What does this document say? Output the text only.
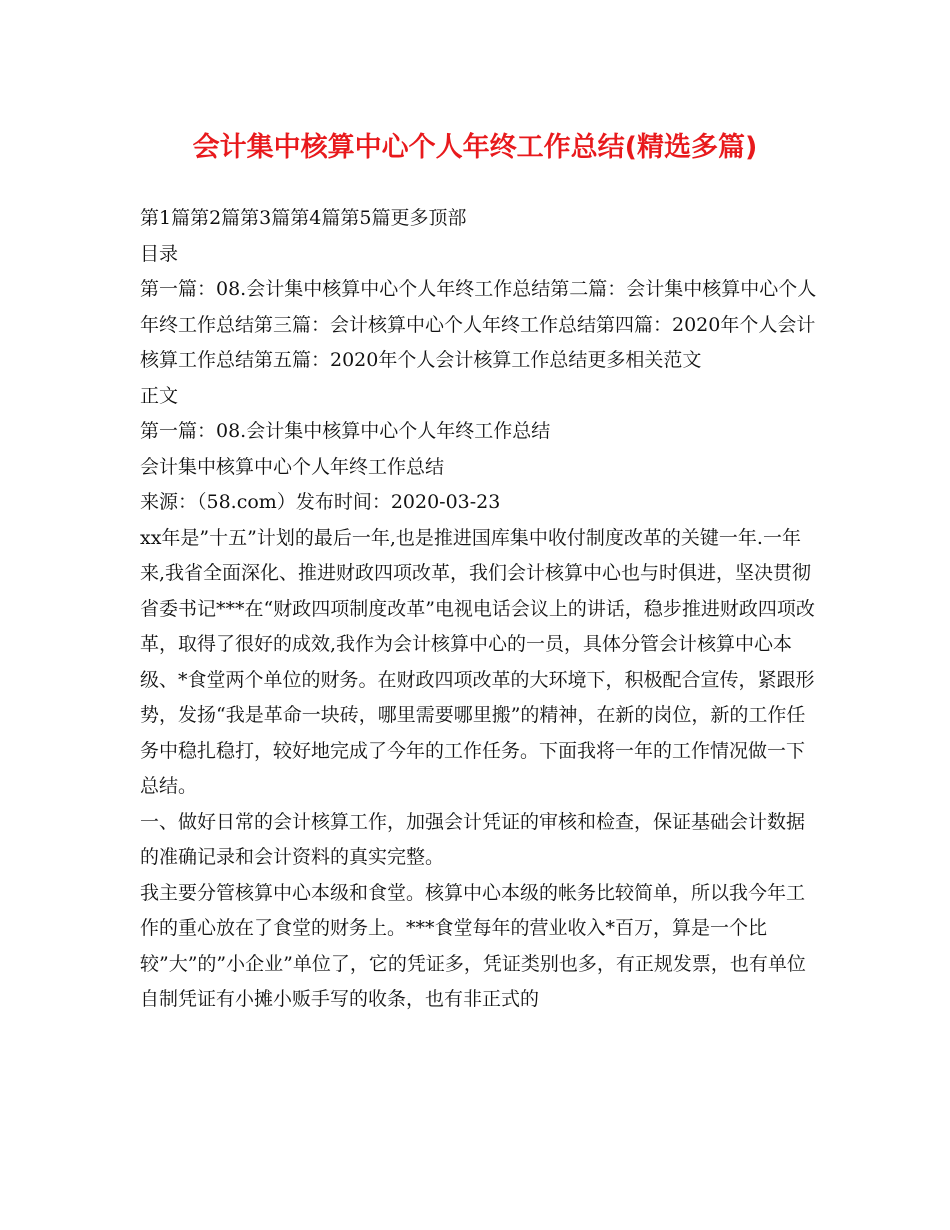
会计集中核算中心个人年终工作总结(精选多篇)

第1篇第2篇第3篇第4篇第5篇更多顶部

目录

第一篇：08.会计集中核算中心个人年终工作总结第二篇：会计集中核算中心个人年终工作总结第三篇：会计核算中心个人年终工作总结第四篇：2020年个人会计核算工作总结第五篇：2020年个人会计核算工作总结更多相关范文

正文

第一篇：08.会计集中核算中心个人年终工作总结

会计集中核算中心个人年终工作总结

来源：（58.com）发布时间：2020-03-23

xx年是”十五”计划的最后一年,也是推进国库集中收付制度改革的关键一年.一年来,我省全面深化、推进财政四项改革，我们会计核算中心也与时俱进，坚决贯彻省委书记***在“财政四项制度改革”电视电话会议上的讲话，稳步推进财政四项改革，取得了很好的成效,我作为会计核算中心的一员，具体分管会计核算中心本级、*食堂两个单位的财务。在财政四项改革的大环境下，积极配合宣传，紧跟形势，发扬“我是革命一块砖，哪里需要哪里搬”的精神，在新的岗位，新的工作任务中稳扎稳打，较好地完成了今年的工作任务。下面我将一年的工作情况做一下总结。

一、做好日常的会计核算工作，加强会计凭证的审核和检查，保证基础会计数据的准确记录和会计资料的真实完整。

我主要分管核算中心本级和食堂。核算中心本级的帐务比较简单，所以我今年工作的重心放在了食堂的财务上。***食堂每年的营业收入*百万，算是一个比较”大”的”小企业”单位了，它的凭证多，凭证类别也多，有正规发票，也有单位自制凭证有小摊小贩手写的收条，也有非正式的
